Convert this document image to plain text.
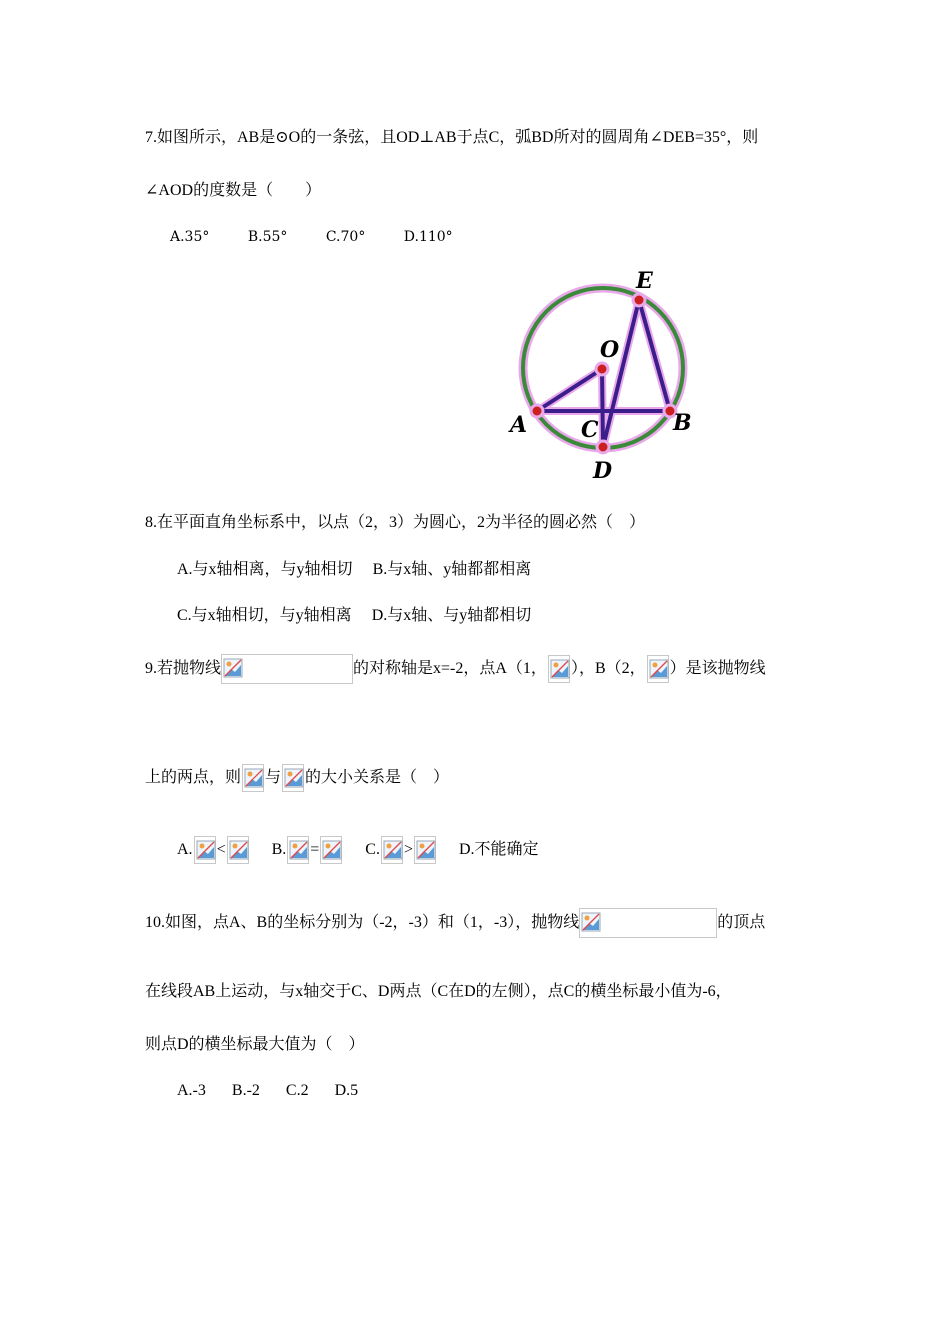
7.如图所示，AB是⊙O的一条弦，且OD⊥AB于点C，弧BD所对的圆周角∠DEB=35°，则
∠AOD的度数是（　　）
A.35°	B.55°	C.70°	D.110°
E
O
A	B
C
D
8.在平面直角坐标系中，以点（2，3）为圆心，2为半径的圆必然（　）
A.与x轴相离，与y轴相切 B.与x轴、y轴都都相离
C.与x轴相切，与y轴相离 D.与x轴、与y轴都相切
9.若抛物线	的对称轴是x=-2，点A（1， ），B（2， ）是该抛物线
上的两点，则 与 的大小关系是（　）
A. <	B. =	C. >	D.不能确定
10.如图，点A、B的坐标分别为（-2，-3）和（1，-3），抛物线	的顶点
在线段AB上运动，与x轴交于C、D两点（C在D的左侧），点C的横坐标最小值为-6，
则点D的横坐标最大值为（　）
A.-3 B.-2 C.2 D.5
